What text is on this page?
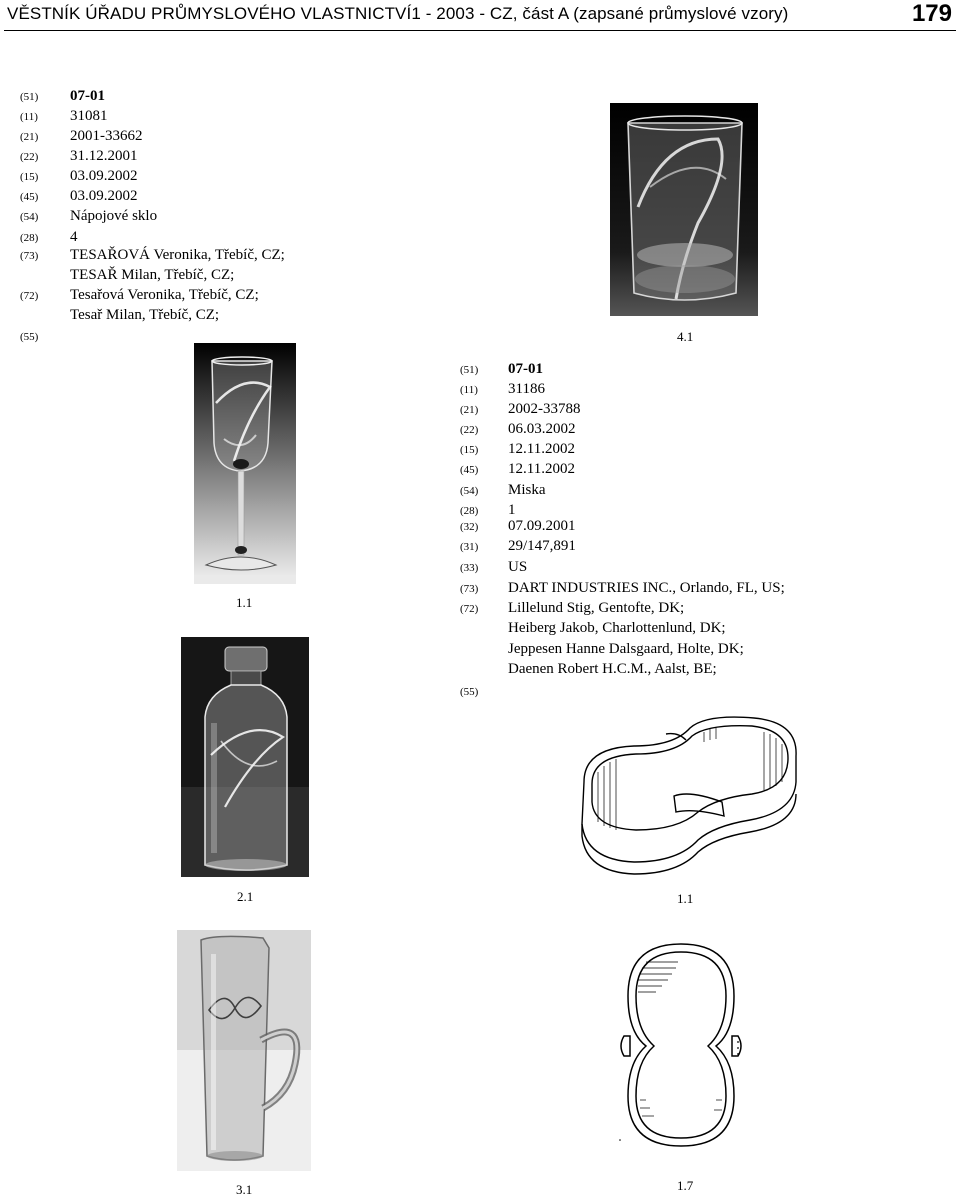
VĚSTNÍK ÚŘADU PRŮMYSLOVÉHO VLASTNICTVÍ1 - 2003 - CZ, část A (zapsané průmyslové vzory)	179
(51) 07-01
(11) 31081
(21) 2001-33662
(22) 31.12.2001
(15) 03.09.2002
(45) 03.09.2002
(54) Nápojové sklo
(28) 4
(73) TESAŘOVÁ Veronika, Třebíč, CZ;
TESAŘ Milan, Třebíč, CZ;
(72) Tesařová Veronika, Třebíč, CZ;
Tesař Milan, Třebíč, CZ;
(55)
1.1
2.1
3.1
4.1
(51) 07-01
(11) 31186
(21) 2002-33788
(22) 06.03.2002
(15) 12.11.2002
(45) 12.11.2002
(54) Miska
(28) 1
(32) 07.09.2001
(31) 29/147,891
(33) US
(73) DART INDUSTRIES INC., Orlando, FL, US;
(72) Lillelund Stig, Gentofte, DK;
Heiberg Jakob, Charlottenlund, DK;
Jeppesen Hanne Dalsgaard, Holte, DK;
Daenen Robert H.C.M., Aalst, BE;
(55)
1.1
1.7
